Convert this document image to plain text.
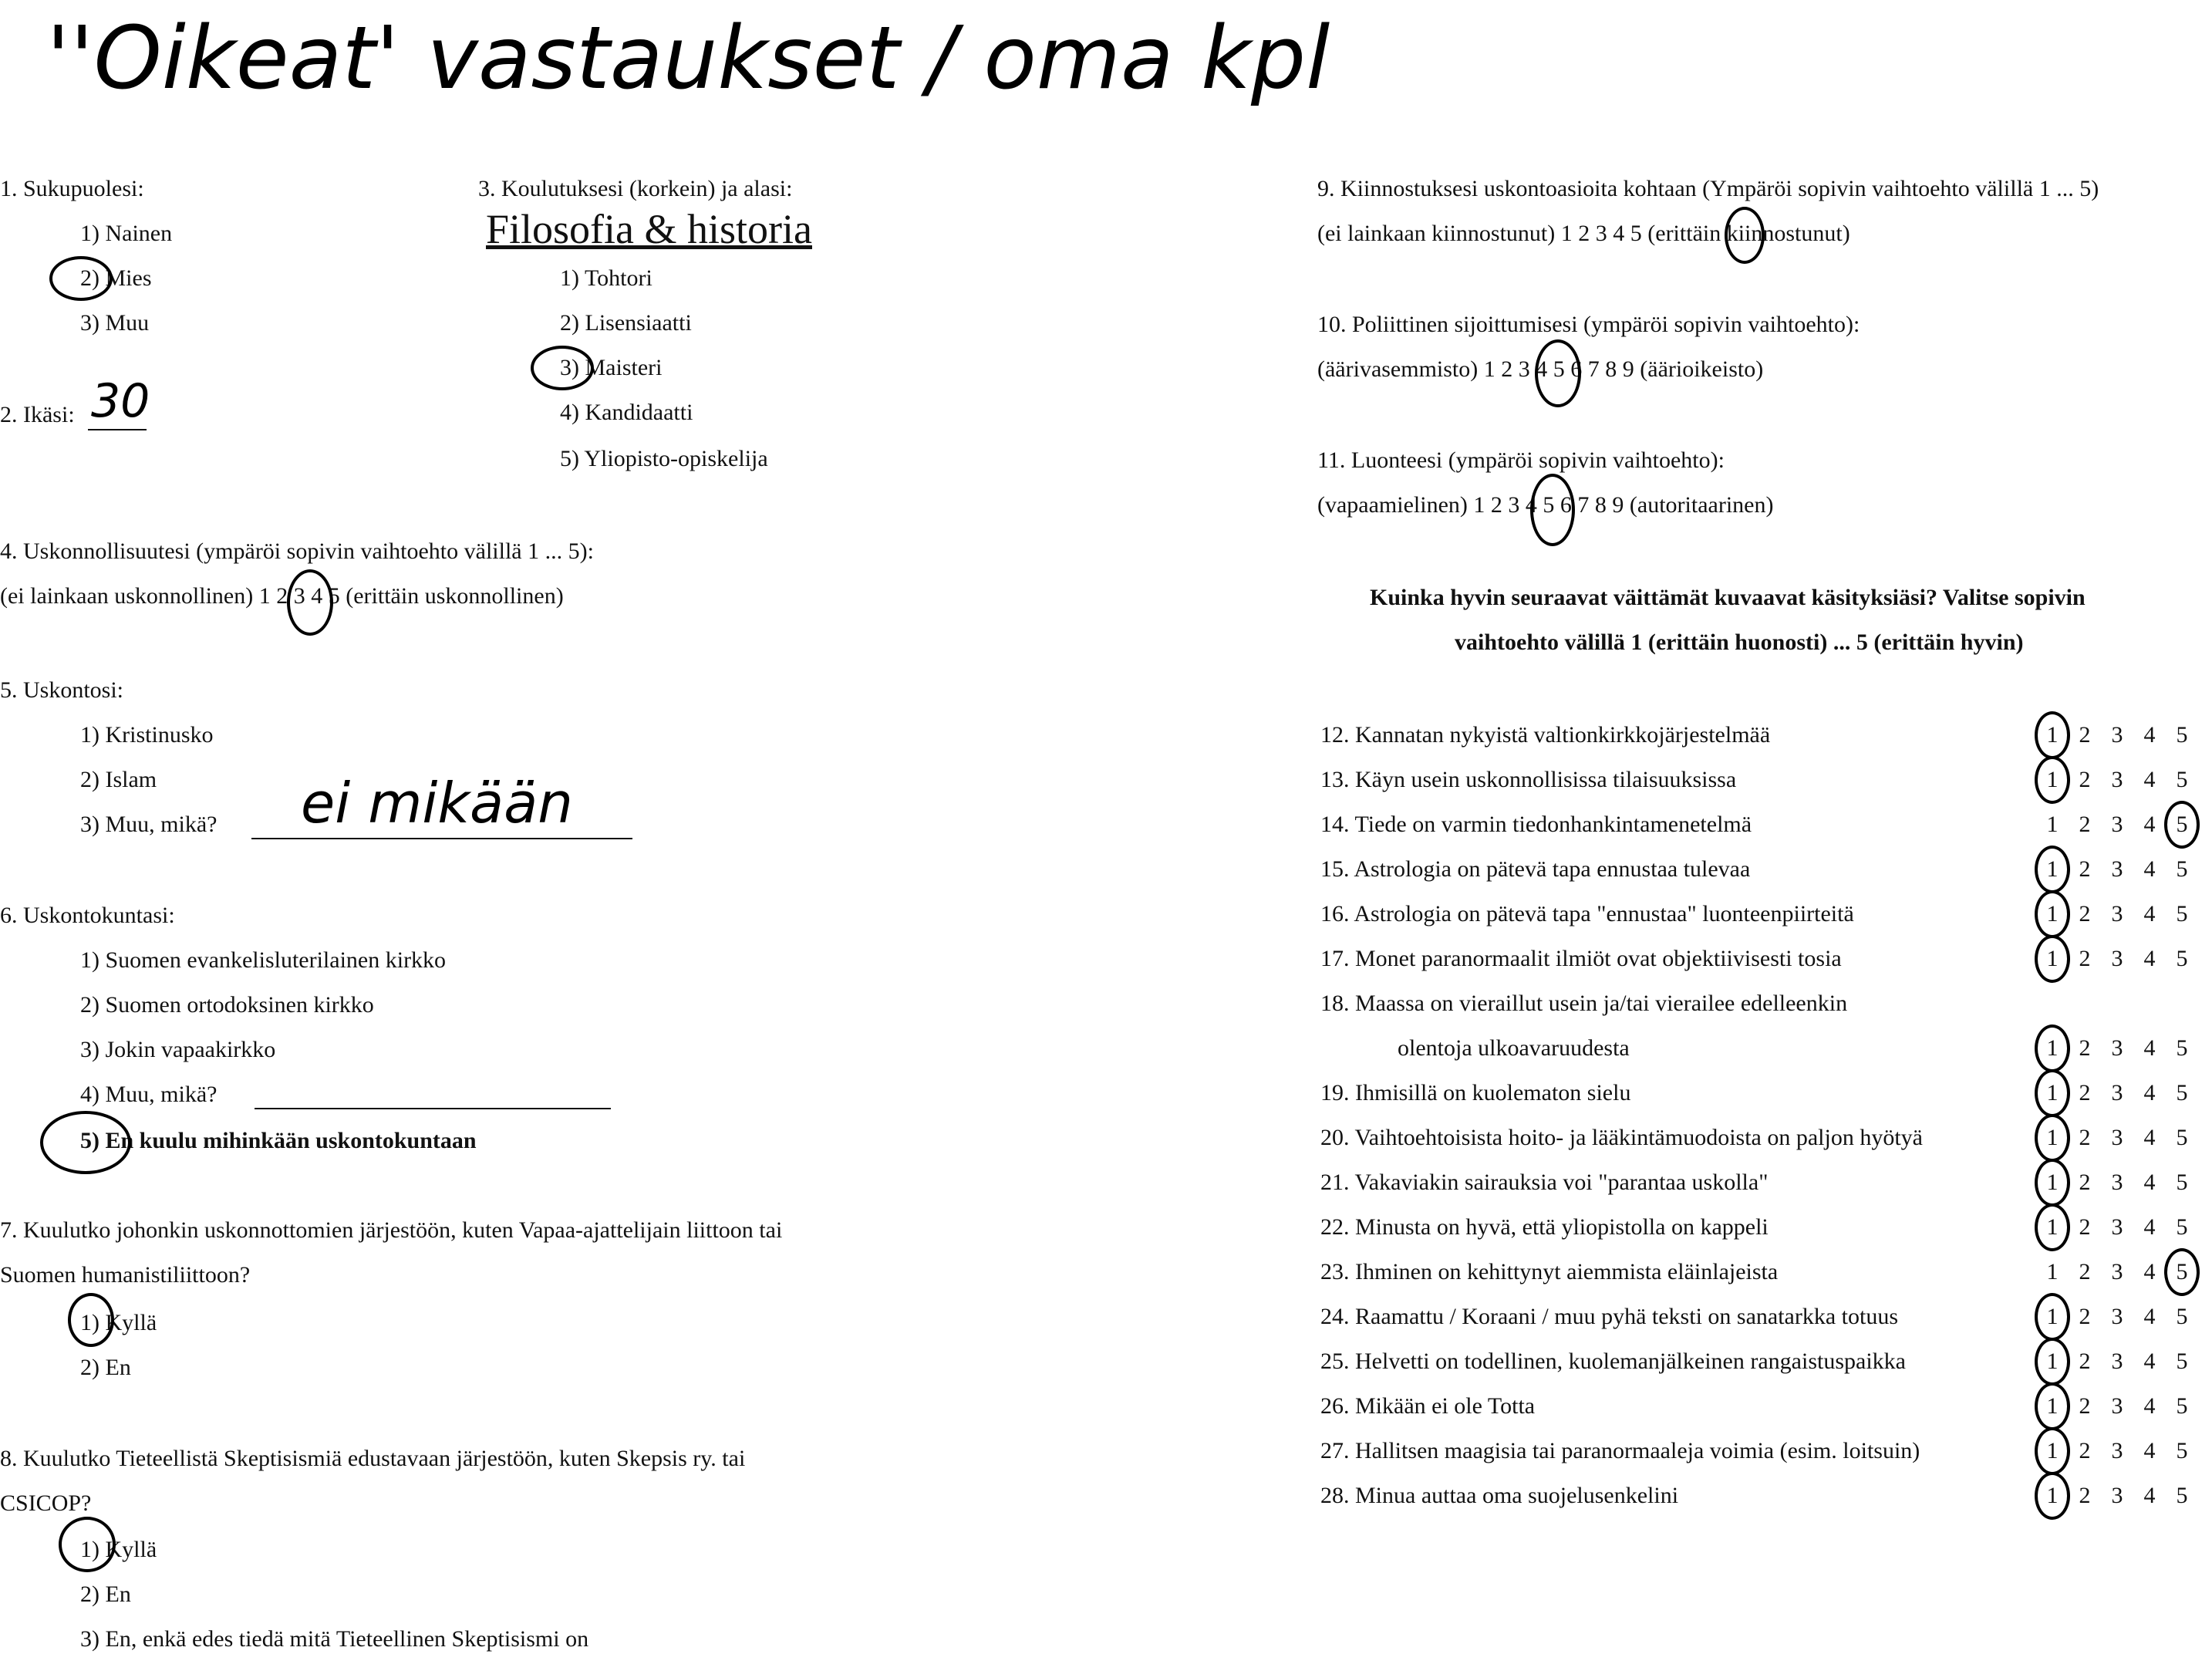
''Oikeat' vastaukset / oma kpl
1. Sukupuolesi:
1) Nainen
2) Mies
3) Muu
2. Ikäsi: 30
3. Koulutuksesi (korkein) ja alasi:
Filosofia & historia
1) Tohtori
2) Lisensiaatti
3) Maisteri
4) Kandidaatti
5) Yliopisto-opiskelija
4. Uskonnollisuutesi (ympäröi sopivin vaihtoehto välillä 1 ... 5):
(ei lainkaan uskonnollinen) 1 2 3 4 5 (erittäin uskonnollinen)
5. Uskontosi:
1) Kristinusko
2) Islam
3) Muu, mikä? ei mikään
6. Uskontokuntasi:
1) Suomen evankelisluterilainen kirkko
2) Suomen ortodoksinen kirkko
3) Jokin vapaakirkko
4) Muu, mikä?
5) En kuulu mihinkään uskontokuntaan
7. Kuulutko johonkin uskonnottomien järjestöön, kuten Vapaa-ajattelijain liittoon tai
Suomen humanistiliittoon?
1) Kyllä
2) En
8. Kuulutko Tieteellistä Skeptisismiä edustavaan järjestöön, kuten Skepsis ry. tai
CSICOP?
1) Kyllä
2) En
3) En, enkä edes tiedä mitä Tieteellinen Skeptisismi on
9. Kiinnostuksesi uskontoasioita kohtaan (Ympäröi sopivin vaihtoehto välillä 1 ... 5)
(ei lainkaan kiinnostunut) 1 2 3 4 5 (erittäin kiinnostunut)
10. Poliittinen sijoittumisesi (ympäröi sopivin vaihtoehto):
(äärivasemmisto) 1 2 3 4 5 6 7 8 9 (äärioikeisto)
11. Luonteesi (ympäröi sopivin vaihtoehto):
(vapaamielinen) 1 2 3 4 5 6 7 8 9 (autoritaarinen)
Kuinka hyvin seuraavat väittämät kuvaavat käsityksiäsi? Valitse sopivin
vaihtoehto välillä 1 (erittäin huonosti) ... 5 (erittäin hyvin)
12. Kannatan nykyistä valtionkirkkojärjestelmää	1 2 3 4 5
13. Käyn usein uskonnollisissa tilaisuuksissa	1 2 3 4 5
14. Tiede on varmin tiedonhankintamenetelmä	1 2 3 4 5
15. Astrologia on pätevä tapa ennustaa tulevaa	1 2 3 4 5
16. Astrologia on pätevä tapa "ennustaa" luonteenpiirteitä	1 2 3 4 5
17. Monet paranormaalit ilmiöt ovat objektiivisesti tosia	1 2 3 4 5
18. Maassa on vieraillut usein ja/tai vierailee edelleenkin
olentoja ulkoavaruudesta	1 2 3 4 5
19. Ihmisillä on kuolematon sielu	1 2 3 4 5
20. Vaihtoehtoisista hoito- ja lääkintämuodoista on paljon hyötyä	1 2 3 4 5
21. Vakaviakin sairauksia voi "parantaa uskolla"	1 2 3 4 5
22. Minusta on hyvä, että yliopistolla on kappeli	1 2 3 4 5
23. Ihminen on kehittynyt aiemmista eläinlajeista	1 2 3 4 5
24. Raamattu / Koraani / muu pyhä teksti on sanatarkka totuus	1 2 3 4 5
25. Helvetti on todellinen, kuolemanjälkeinen rangaistuspaikka	1 2 3 4 5
26. Mikään ei ole Totta	1 2 3 4 5
27. Hallitsen maagisia tai paranormaaleja voimia (esim. loitsuin)	1 2 3 4 5
28. Minua auttaa oma suojelusenkelini	1 2 3 4 5
